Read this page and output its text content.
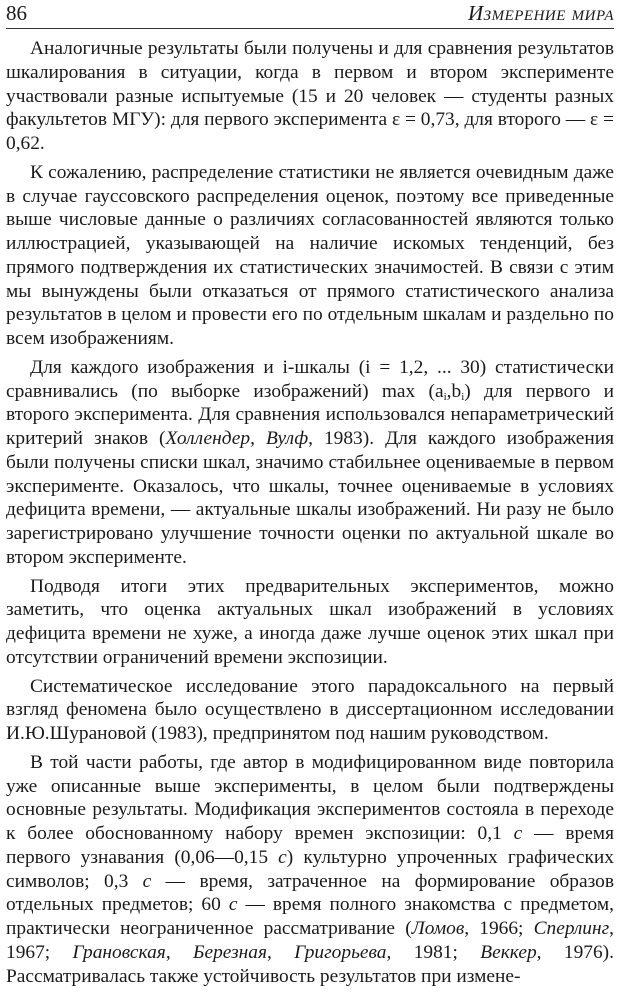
86	Измерение мира

Аналогичные результаты были получены и для сравнения результатов шкалирования в ситуации, когда в первом и втором эксперименте участвовали разные испытуемые (15 и 20 человек — студенты разных факультетов МГУ): для первого эксперимента ε = 0,73, для второго — ε = 0,62.

К сожалению, распределение статистики не является очевидным даже в случае гауссовского распределения оценок, поэтому все приведенные выше числовые данные о различиях согласованностей являются только иллюстрацией, указывающей на наличие искомых тенденций, без прямого подтверждения их статистических значимостей. В связи с этим мы вынуждены были отказаться от прямого статистического анализа результатов в целом и провести его по отдельным шкалам и раздельно по всем изображениям.

Для каждого изображения и i-шкалы (i = 1,2, ... 30) статистически сравнивались (по выборке изображений) $\max (a_i,b_i)$ для первого и второго эксперимента. Для сравнения использовался непараметрический критерий знаков (Холлендер, Вулф, 1983). Для каждого изображения были получены списки шкал, значимо стабильнее оцениваемые в первом эксперименте. Оказалось, что шкалы, точнее оцениваемые в условиях дефицита времени, — актуальные шкалы изображений. Ни разу не было зарегистрировано улучшение точности оценки по актуальной шкале во втором эксперименте.

Подводя итоги этих предварительных экспериментов, можно заметить, что оценка актуальных шкал изображений в условиях дефицита времени не хуже, а иногда даже лучше оценок этих шкал при отсутствии ограничений времени экспозиции.

Систематическое исследование этого парадоксального на первый взгляд феномена было осуществлено в диссертационном исследовании И.Ю.Шурановой (1983), предпринятом под нашим руководством.

В той части работы, где автор в модифицированном виде повторила уже описанные выше эксперименты, в целом были подтверждены основные результаты. Модификация экспериментов состояла в переходе к более обоснованному набору времен экспозиции: 0,1 с — время первого узнавания (0,06—0,15 с) культурно упроченных графических символов; 0,3 с — время, затраченное на формирование образов отдельных предметов; 60 с — время полного знакомства с предметом, практически неограниченное рассматривание (Ломов, 1966; Сперлинг, 1967; Грановская, Березная, Григорьева, 1981; Веккер, 1976). Рассматривалась также устойчивость результатов при измене-
